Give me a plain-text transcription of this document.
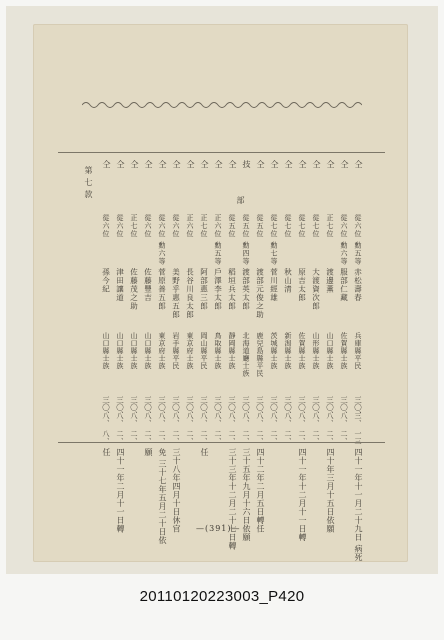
部
第七款
仝
從六位 勳五等
赤松壽春
兵庫縣平民
三〇、
三、 一三
四十一年十一月二十九日 病死
仝
從六位 勳六等
服部仁藏
佐賀縣士族
三〇、
八、 二、
仝
正七位
渡邊薫
山口縣士族
三〇、
八、 二、
四十年三月十五日依願
仝
從七位
大渡資次郎
山形縣士族
三〇、
八、 二、
仝
從七位
原吉太郎
佐賀縣士族
三〇、
八、 二、
四十一年十二月十一日轉
仝
從七位
秋山清
新潟縣士族
三〇、
八、 二、
仝
從七位 勳七等
菅川經雄
茨城縣士族
三〇、
八、 二、
仝
從五位
渡部元俊之助
鹿兒島縣平民
三〇、
八、 二、
四十二年二月五日轉任
技
從五位 勳四等
渡部英太郎
北海道廳士族
三〇、
八、 二、
三十五年九月十六日依願
仝
從五位
稻垣兵太郎
靜岡縣士族
三〇、
八、 二、
三十三年十二月二十七日轉
仝
正六位 勳五等
戶澤李太郎
鳥取縣士族
三〇、
八、 二、
仝
正七位
阿部惠三郎
岡山縣平民
三〇、
八、 二、
任
仝
正六位
長谷川良太郎
東京府士族
三〇、
八、 二、
仝
從六位
美野乎惠五郎
岩手縣平民
三〇、
八、 二、
三十八年四月十日休官
仝
從六位 勳六等
菅原善五郎
東京府士族
三〇、
八、 二、
免 三十七年五月二十日依
仝
從六位
佐藤豐吉
山口縣士族
三〇、
八、 二、
願
仝
正七位
佐藤茂之助
山口縣士族
三〇、
八、 二、
仝
從六位
津田讓道
山口縣士族
三〇、
八、 二、
四十一年二月十一日轉
仝
從六位
孫今紀
山口縣士族
三〇、
八、 八、
任
—(391)—
20110120223003_P420
